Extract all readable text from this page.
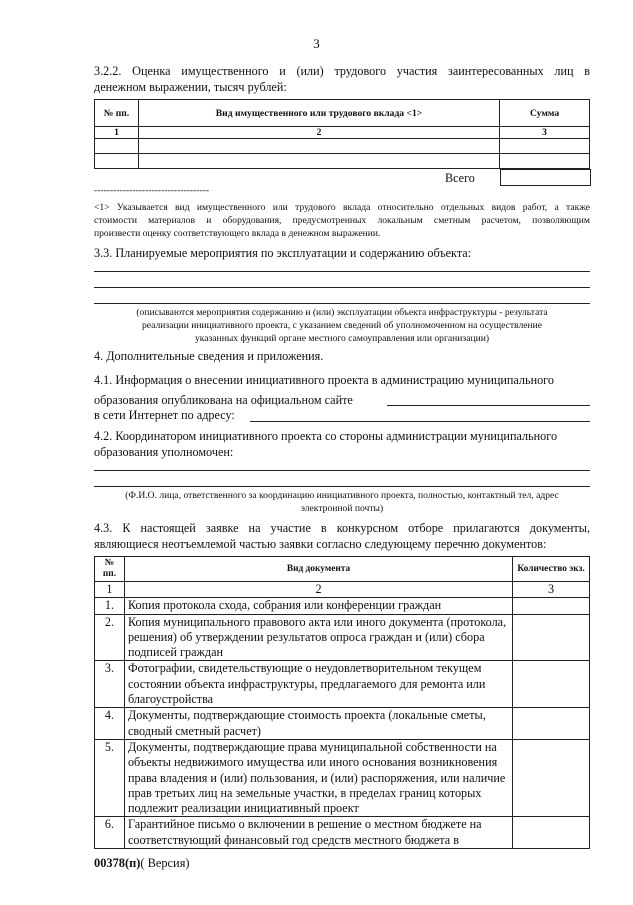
3
3.2.2. Оценка имущественного и (или) трудового участия заинтересованных лиц в
денежном выражении, тысяч рублей:
№ пп.	Вид имущественного или трудового вклада <1>	Сумма
1	2	3

Всего
------------------------------------
<1> Указывается вид имущественного или трудового вклада относительно отдельных видов работ, а также
стоимости материалов и оборудования, предусмотренных локальным сметным расчетом, позволяющим
произвести оценку соответствующего вклада в денежном выражении.
3.3. Планируемые мероприятия по эксплуатации и содержанию объекта:
(описываются мероприятия содержанию и (или) эксплуатации объекта инфраструктуры - результата
реализации инициативного проекта, с указанием сведений об уполномоченном на осуществление
указанных функций органе местного самоуправления или организации)
4. Дополнительные сведения и приложения.
4.1. Информация о внесении инициативного проекта в администрацию муниципального
образования опубликована на официальном сайте
в сети Интернет по адресу:
4.2. Координатором инициативного проекта со стороны администрации муниципального
образования уполномочен:
(Ф.И.О. лица, ответственного за координацию инициативного проекта, полностью, контактный тел, адрес
электронной почты)
4.3. К настоящей заявке на участие в конкурсном отборе прилагаются документы,
являющиеся неотъемлемой частью заявки согласно следующему перечню документов:
№ пп.	Вид документа	Количество экз.
1	2	3
1.	Копия протокола схода, собрания или конференции граждан	
2.	Копия муниципального правового акта или иного документа (протокола, решения) об утверждении результатов опроса граждан и (или) сбора подписей граждан	
3.	Фотографии, свидетельствующие о неудовлетворительном текущем состоянии объекта инфраструктуры, предлагаемого для ремонта или благоустройства	
4.	Документы, подтверждающие стоимость проекта (локальные сметы, сводный сметный расчет)	
5.	Документы, подтверждающие права муниципальной собственности на объекты недвижимого имущества или иного основания возникновения права владения и (или) пользования, и (или) распоряжения, или наличие прав третьих лиц на земельные участки, в пределах границ которых подлежит реализации инициативный проект	
6.	Гарантийное письмо о включении в решение о местном бюджете на соответствующий финансовый год средств местного бюджета в	
00378(п)( Версия)
